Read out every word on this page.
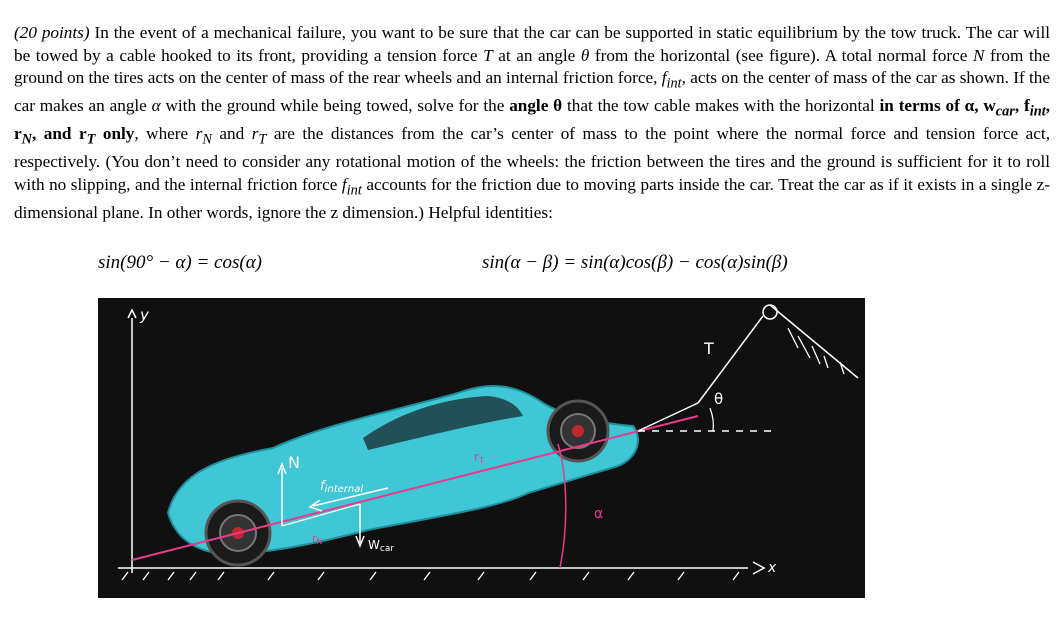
(20 points) In the event of a mechanical failure, you want to be sure that the car can be supported in static equilibrium by the tow truck. The car will be towed by a cable hooked to its front, providing a tension force T at an angle θ from the horizontal (see figure). A total normal force N from the ground on the tires acts on the center of mass of the rear wheels and an internal friction force, $f_{int}$, acts on the center of mass of the car as shown. If the car makes an angle α with the ground while being towed, solve for the angle θ that the tow cable makes with the horizontal in terms of α, $w_{car}$, $f_{int}$, $r_N$, and $r_T$ only, where $r_N$ and $r_T$ are the distances from the car’s center of mass to the point where the normal force and tension force act, respectively. (You don’t need to consider any rotational motion of the wheels: the friction between the tires and the ground is sufficient for it to roll with no slipping, and the internal friction force $f_{int}$ accounts for the friction due to moving parts inside the car. Treat the car as if it exists in a single z-dimensional plane. In other words, ignore the z dimension.) Helpful identities:

sin(90° − α) = cos(α)	sin(α − β) = sin(α)cos(β) − cos(α)sin(β)
y
x
T
θ
N
finternal
rN	Wcar
rT
α
